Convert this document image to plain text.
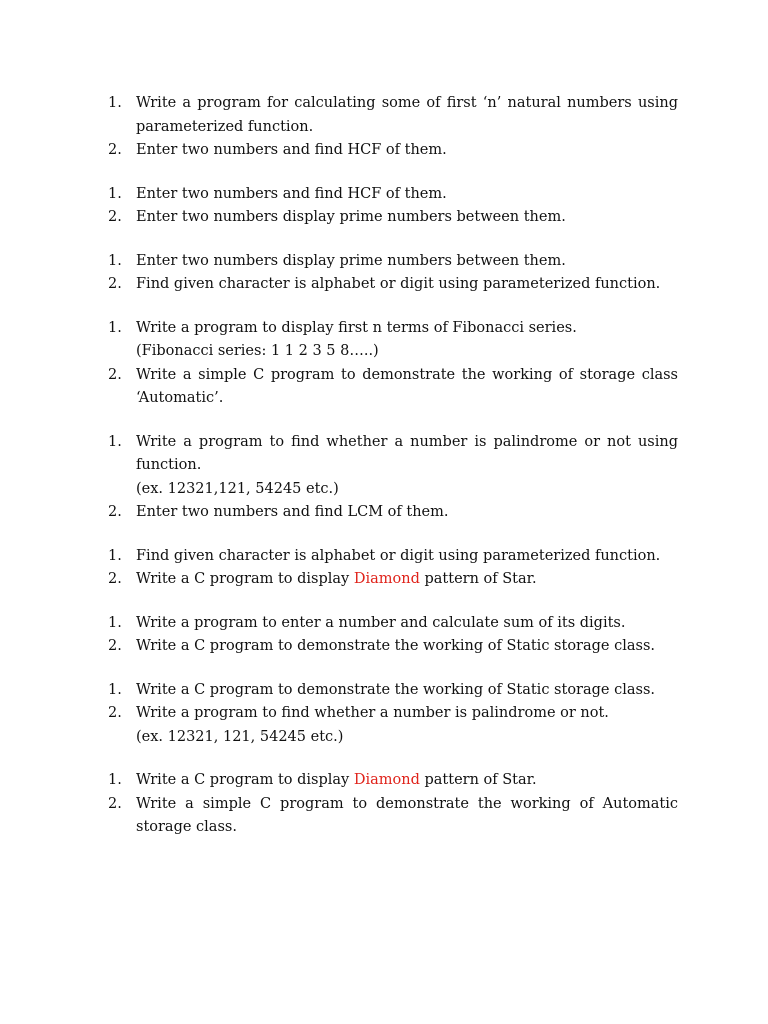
1. Write a program for calculating some of first ‘n’ natural numbers using parameterized function.
2. Enter two numbers and find HCF of them.
1. Enter two numbers and find HCF of them.
2. Enter two numbers display prime numbers between them.
1. Enter two numbers display prime numbers between them.
2. Find given character is alphabet or digit using parameterized function.
1. Write a program to display first n terms of Fibonacci series.
(Fibonacci series: 1 1 2 3 5 8…..)
2. Write a simple C program to demonstrate the working of storage class ‘Automatic’.
1. Write a program to find whether a number is palindrome or not using function.
(ex. 12321,121, 54245 etc.)
2. Enter two numbers and find LCM of them.
1. Find given character is alphabet or digit using parameterized function.
2. Write a C program to display Diamond pattern of Star.
1. Write a program to enter a number and calculate sum of its digits.
2. Write a C program to demonstrate the working of Static storage class.
1. Write a C program to demonstrate the working of Static storage class.
2. Write a program to find whether a number is palindrome or not.
(ex. 12321, 121, 54245 etc.)
1. Write a C program to display Diamond pattern of Star.
2. Write a simple C program to demonstrate the working of Automatic storage class.
